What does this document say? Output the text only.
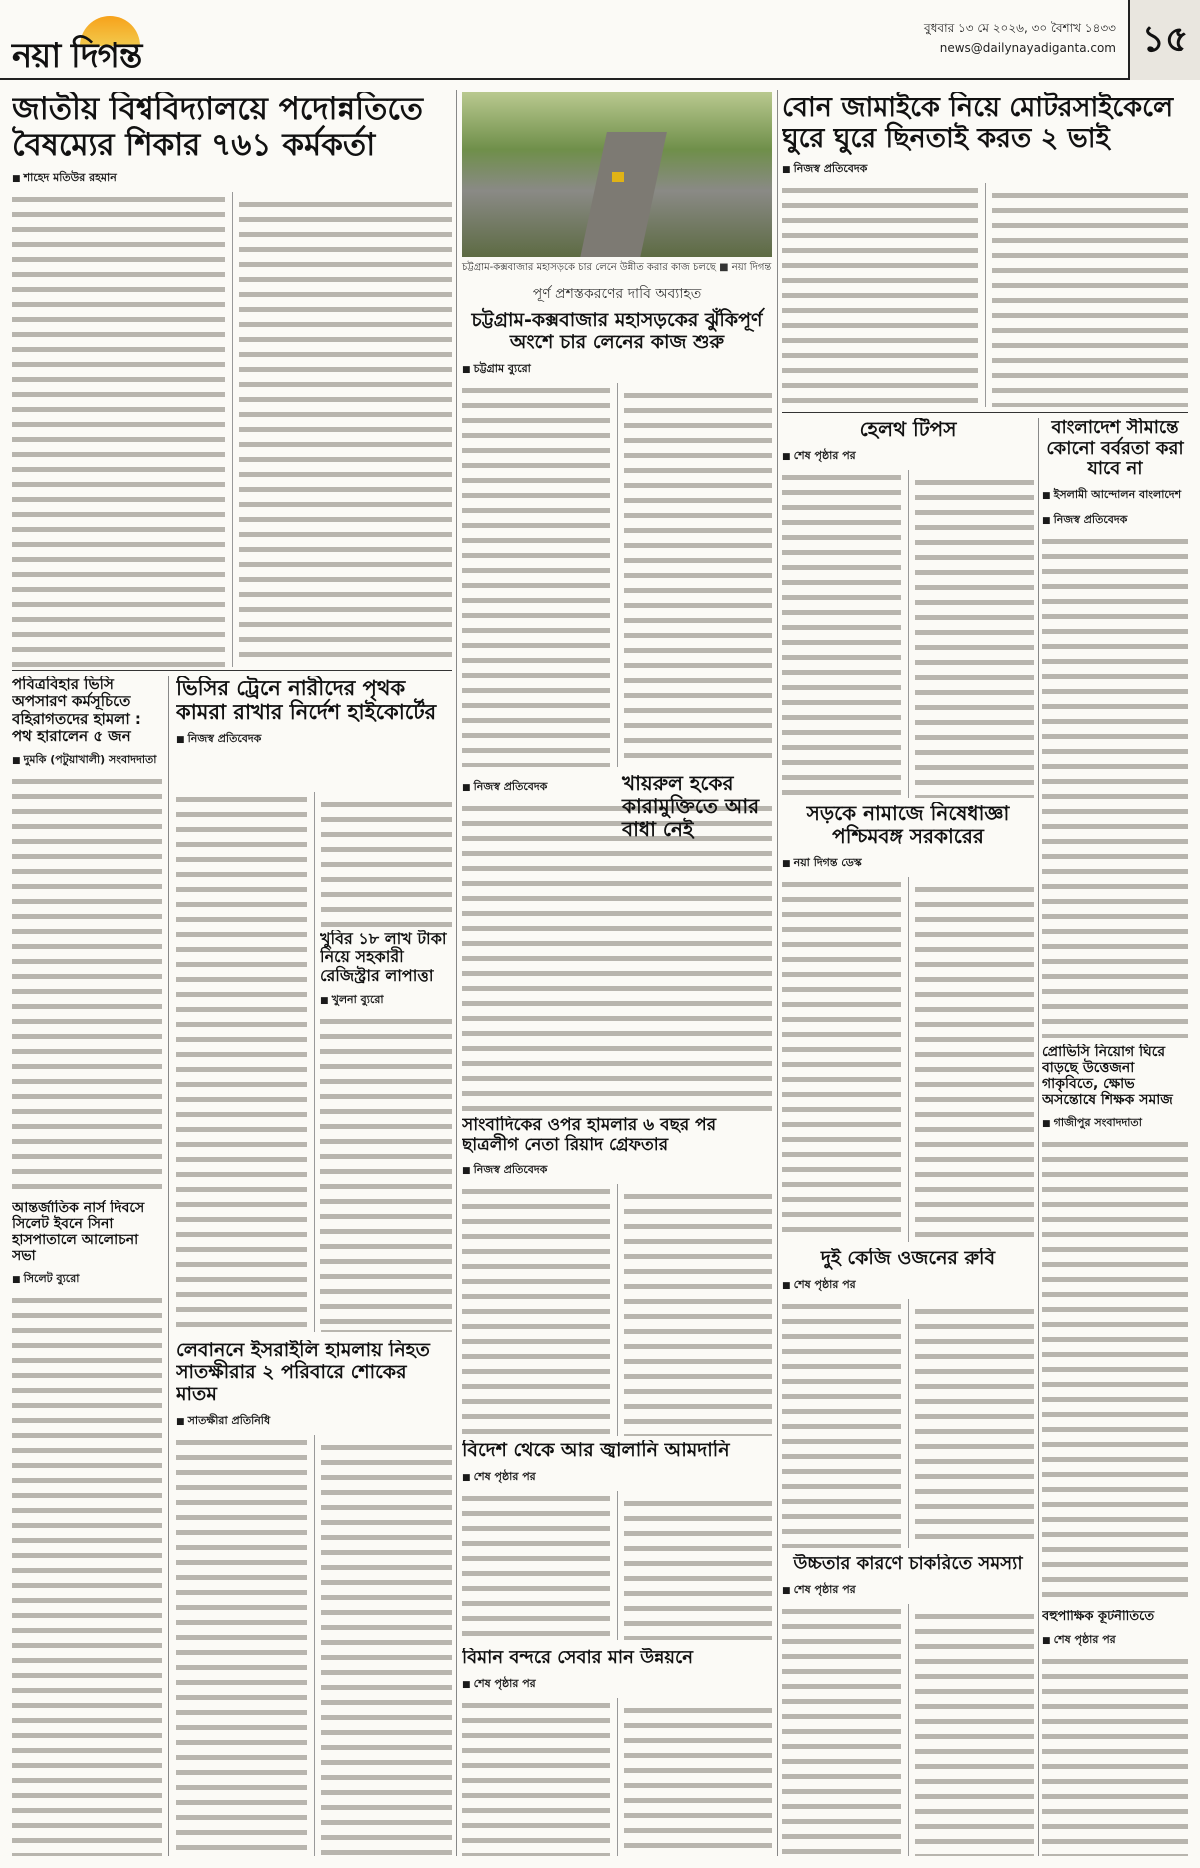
নয়া দিগন্ত
বুধবার ১৩ মে ২০২৬, ৩০ বৈশাখ ১৪৩৩
news@dailynayadiganta.com ১৫
জাতীয় বিশ্ববিদ্যালয়ে পদোন্নতিতে বৈষম্যের শিকার ৭৬১ কর্মকর্তা
■ শাহেদ মতিউর রহমান
চট্টগ্রাম-কক্সবাজার মহাসড়কে চার লেনে উন্নীত করার কাজ চলছে ■ নয়া দিগন্ত
বোন জামাইকে নিয়ে মোটরসাইকেলে ঘুরে ঘুরে ছিনতাই করত ২ ভাই
■ নিজস্ব প্রতিবেদক
পূর্ণ প্রশস্তকরণের দাবি অব্যাহত
চট্টগ্রাম-কক্সবাজার মহাসড়কের ঝুঁকিপূর্ণ অংশে চার লেনের কাজ শুরু
■ চট্টগ্রাম ব্যুরো
পবিত্রবিহার ভিসি অপসারণ কর্মসূচিতে বহিরাগতদের হামলা : পথ হারালেন ৫ জন
■ দুমকি (পটুয়াখালী) সংবাদদাতা
ভিসির ট্রেনে নারীদের পৃথক কামরা রাখার নির্দেশ হাইকোর্টের
■ নিজস্ব প্রতিবেদক
খায়রুল হকের কারামুক্তিতে আর বাধা নেই
■ নিজস্ব প্রতিবেদক
সাংবাদিকের ওপর হামলার ৬ বছর পর ছাত্রলীগ নেতা রিয়াদ গ্রেফতার
■ নিজস্ব প্রতিবেদক
আন্তর্জাতিক নার্স দিবসে সিলেট ইবনে সিনা হাসপাতালে আলোচনা সভা
■ সিলেট ব্যুরো
লেবাননে ইসরাইলি হামলায় নিহত সাতক্ষীরার ২ পরিবারে শোকের মাতম
■ সাতক্ষীরা প্রতিনিধি
খুবির ১৮ লাখ টাকা নিয়ে সহকারী রেজিস্ট্রার লাপাত্তা
■ খুলনা ব্যুরো
বিদেশ থেকে আর জ্বালানি আমদানি
■ শেষ পৃষ্ঠার পর
বিমান বন্দরে সেবার মান উন্নয়নে
■ শেষ পৃষ্ঠার পর
হেলথ টিপস
■ শেষ পৃষ্ঠার পর
বাংলাদেশ সীমান্তে কোনো বর্বরতা করা যাবে না
■ ইসলামী আন্দোলন বাংলাদেশ
■ নিজস্ব প্রতিবেদক
সড়কে নামাজে নিষেধাজ্ঞা পশ্চিমবঙ্গ সরকারের
■ নয়া দিগন্ত ডেস্ক
প্রোভিসি নিয়োগ ঘিরে বাড়ছে উত্তেজনা গাকৃবিতে, ক্ষোভ অসন্তোষে শিক্ষক সমাজ
■ গাজীপুর সংবাদদাতা
দুই কেজি ওজনের রুবি
■ শেষ পৃষ্ঠার পর
উচ্চতার কারণে চাকরিতে সমস্যা
■ শেষ পৃষ্ঠার পর
বহুপাক্ষিক কূটনীতিতে
■ শেষ পৃষ্ঠার পর
